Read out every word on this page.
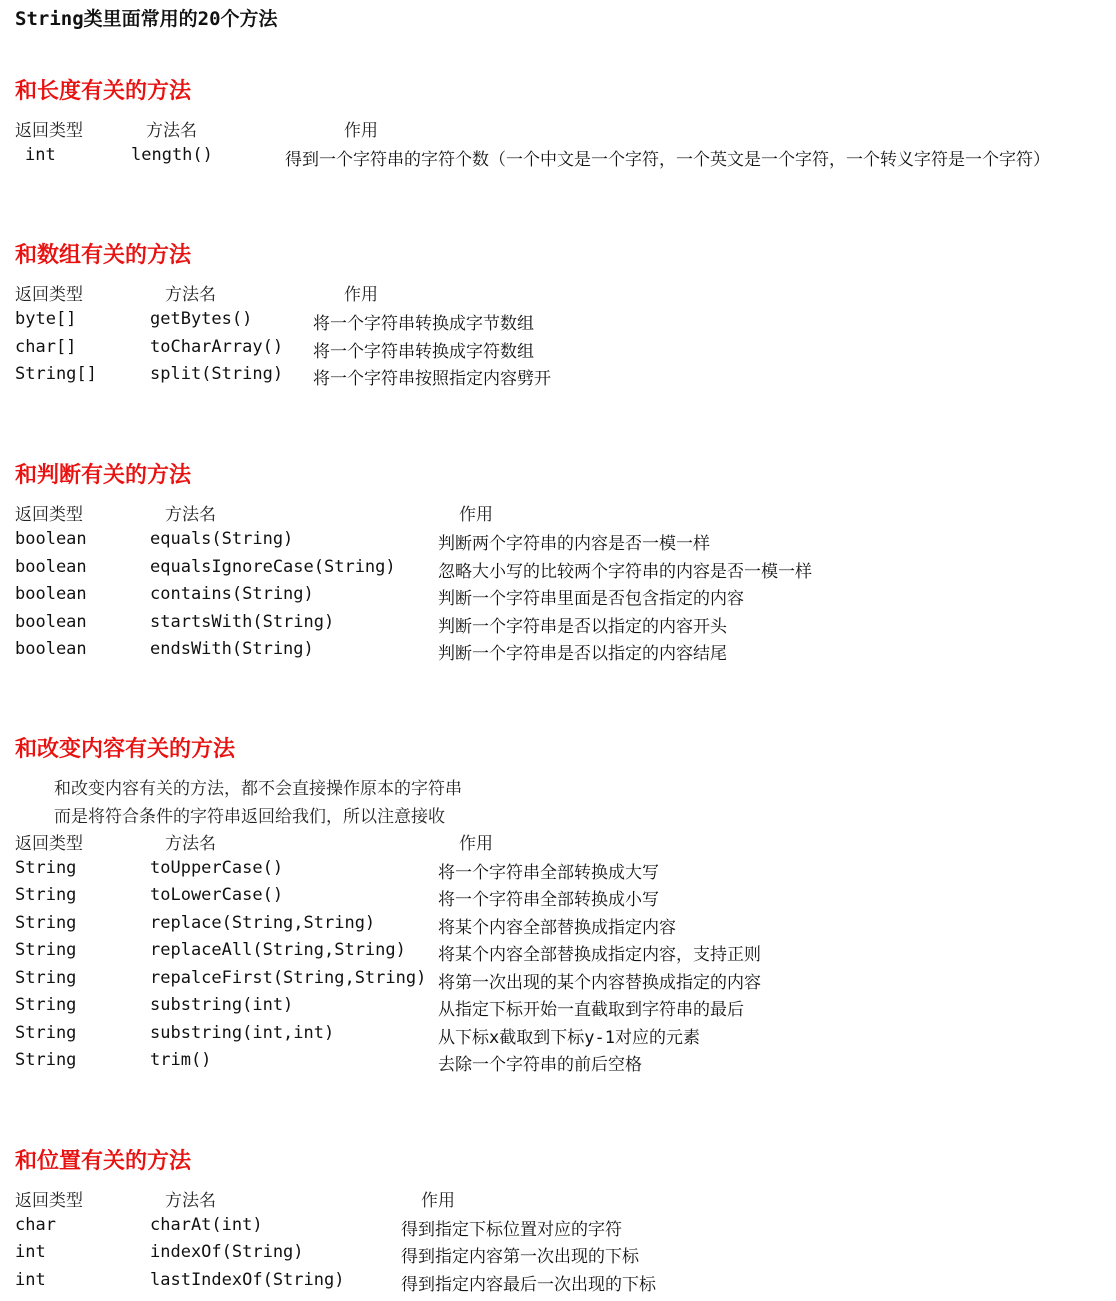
String类里面常用的20个方法
和长度有关的方法
返回类型	方法名	作用
int	length()	得到一个字符串的字符个数（一个中文是一个字符，一个英文是一个字符，一个转义字符是一个字符）
和数组有关的方法
返回类型	方法名	作用
byte[]	getBytes()	将一个字符串转换成字节数组
char[]	toCharArray() 将一个字符串转换成字符数组
String[]	split(String) 将一个字符串按照指定内容劈开
和判断有关的方法
返回类型	方法名	作用
boolean	equals(String)	判断两个字符串的内容是否一模一样
boolean	equalsIgnoreCase(String) 忽略大小写的比较两个字符串的内容是否一模一样
boolean	contains(String)	判断一个字符串里面是否包含指定的内容
boolean	startsWith(String)	判断一个字符串是否以指定的内容开头
boolean	endsWith(String)	判断一个字符串是否以指定的内容结尾
和改变内容有关的方法
和改变内容有关的方法，都不会直接操作原本的字符串
而是将符合条件的字符串返回给我们，所以注意接收
返回类型	方法名	作用
String	toUpperCase()	将一个字符串全部转换成大写
String	toLowerCase()	将一个字符串全部转换成小写
String	replace(String,String)	将某个内容全部替换成指定内容
String	replaceAll(String,String) 将某个内容全部替换成指定内容，支持正则
String	repalceFirst(String,String) 将第一次出现的某个内容替换成指定的内容
String	substring(int)	从指定下标开始一直截取到字符串的最后
String	substring(int,int)	从下标x截取到下标y-1对应的元素
String	trim()	去除一个字符串的前后空格
和位置有关的方法
返回类型	方法名	作用
char	charAt(int)	得到指定下标位置对应的字符
int	indexOf(String)	得到指定内容第一次出现的下标
int	lastIndexOf(String)	得到指定内容最后一次出现的下标
